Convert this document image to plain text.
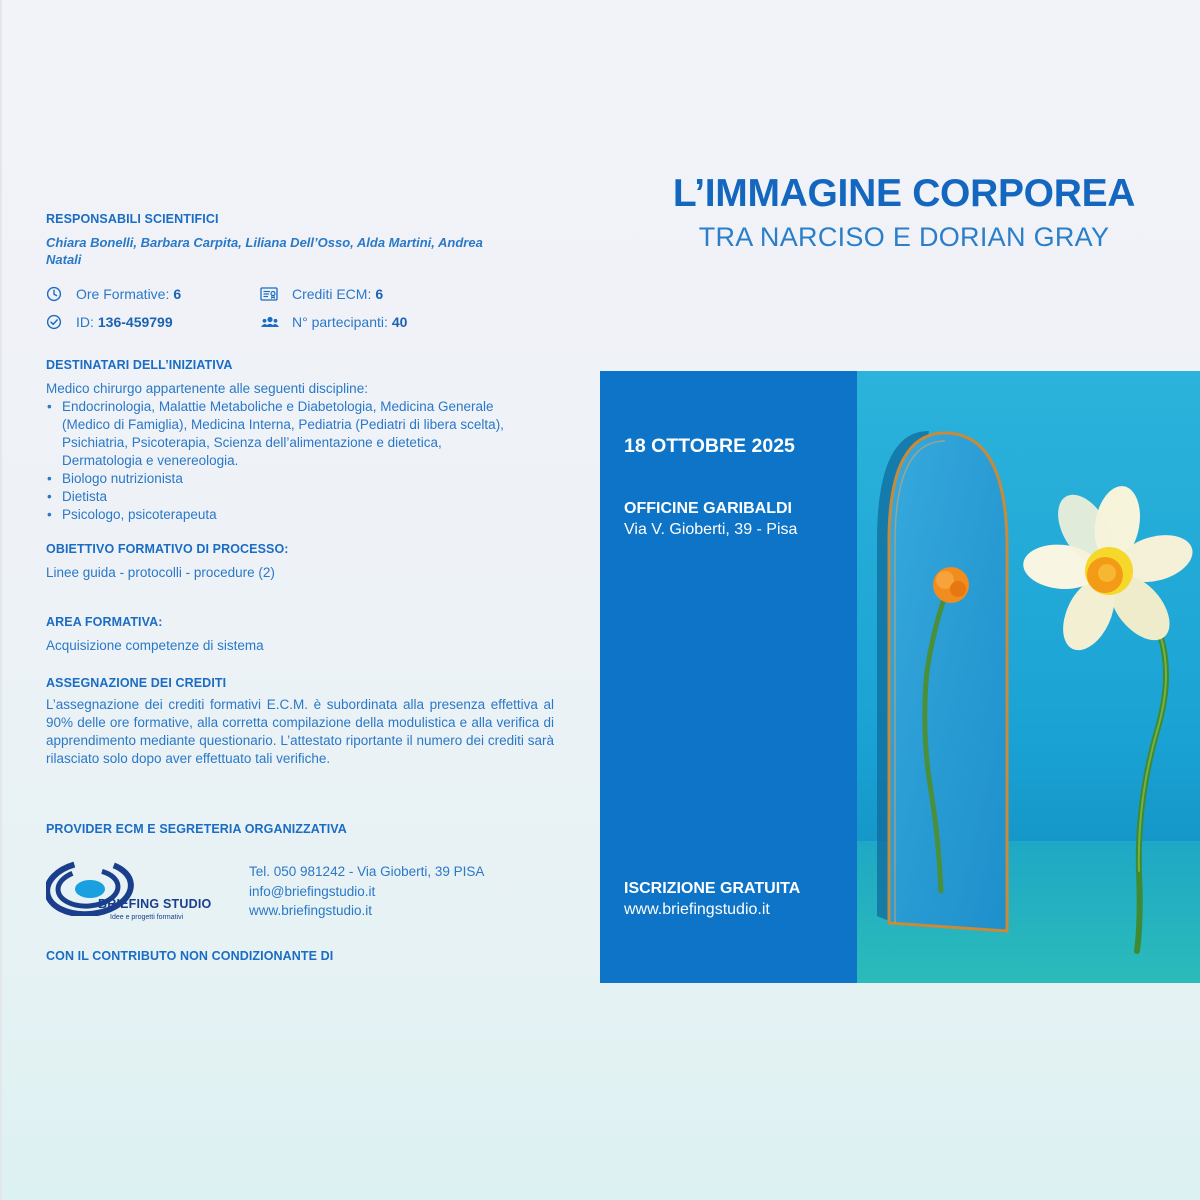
RESPONSABILI SCIENTIFICI
Chiara Bonelli, Barbara Carpita, Liliana Dell’Osso, Alda Martini, Andrea Natali
Ore Formative: 6	Crediti ECM: 6
ID: 136-459799	N° partecipanti: 40
DESTINATARI DELL’INIZIATIVA
Medico chirurgo appartenente alle seguenti discipline:
• Endocrinologia, Malattie Metaboliche e Diabetologia, Medicina Generale (Medico di Famiglia), Medicina Interna, Pediatria (Pediatri di libera scelta), Psichiatria, Psicoterapia, Scienza dell’alimentazione e dietetica, Dermatologia e venereologia.
• Biologo nutrizionista
• Dietista
• Psicologo, psicoterapeuta
OBIETTIVO FORMATIVO DI PROCESSO:
Linee guida - protocolli - procedure (2)
AREA FORMATIVA:
Acquisizione competenze di sistema
ASSEGNAZIONE DEI CREDITI

L’assegnazione dei crediti formativi E.C.M. è subordinata alla presenza effettiva al 90% delle ore formative, alla corretta compilazione della modulistica e alla verifica di apprendimento mediante questionario. L’attestato riportante il numero dei crediti sarà rilasciato solo dopo aver effettuato tali verifiche.

PROVIDER ECM E SEGRETERIA ORGANIZZATIVA
BRIEFING STUDIO
Idee e progetti formativi
Tel. 050 981242 - Via Gioberti, 39 PISA
info@briefingstudio.it
www.briefingstudio.it
CON IL CONTRIBUTO NON CONDIZIONANTE DI
L’IMMAGINE CORPOREA
TRA NARCISO E DORIAN GRAY
18 OTTOBRE 2025
OFFICINE GARIBALDI
Via V. Gioberti, 39 - Pisa
ISCRIZIONE GRATUITA
www.briefingstudio.it
